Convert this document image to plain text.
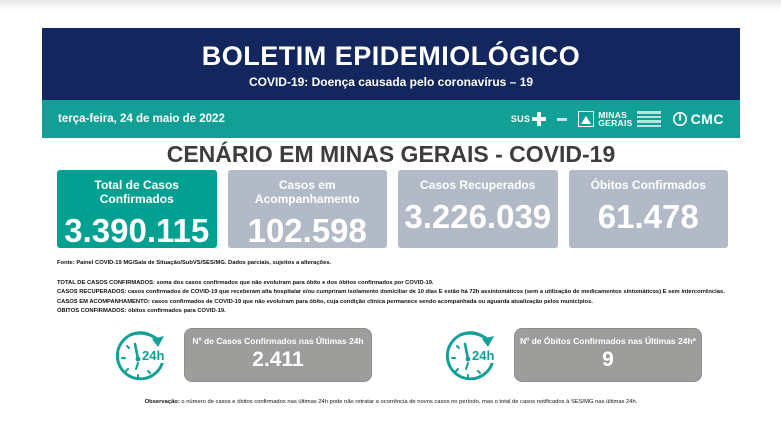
BOLETIM EPIDEMIOLÓGICO
COVID-19: Doença causada pelo coronavírus – 19
terça-feira, 24 de maio de 2022	SUS	MINAS
GERAIS	CMC
CENÁRIO EM MINAS GERAIS - COVID-19
Total de Casos Confirmados
3.390.115
Casos em Acompanhamento
102.598
Casos Recuperados
3.226.039
Óbitos Confirmados
61.478
Fonte: Painel COVID-19 MG/Sala de Situação/SubVS/SES/MG. Dados parciais, sujeitos a alterações.
TOTAL DE CASOS CONFIRMADOS: soma dos casos confirmados que não evoluíram para óbito e dos óbitos confirmados por COVID-19.
CASOS RECUPERADOS: casos confirmados de COVID-19 que receberam alta hospitalar e/ou cumpriram isolamento domiciliar de 10 dias E estão há 72h assintomáticos (sem a utilização de medicamentos sintomáticos) E sem intercorrências.
CASOS EM ACOMPANHAMENTO: casos confirmados de COVID-19 que não evoluíram para óbito, cuja condição clínica permanece sendo acompanhada ou aguarda atualização pelos municípios.
ÓBITOS CONFIRMADOS: óbitos confirmados para COVID-19.
24h
Nº de Casos Confirmados nas Últimas 24h
2.411	24h
Nº de Óbitos Confirmados nas Últimas 24h*
9
Observação: o número de casos e óbitos confirmados nas últimas 24h pode não retratar a ocorrência de novos casos no período, mas o total de casos notificados à SES/MG nas últimas 24h.
